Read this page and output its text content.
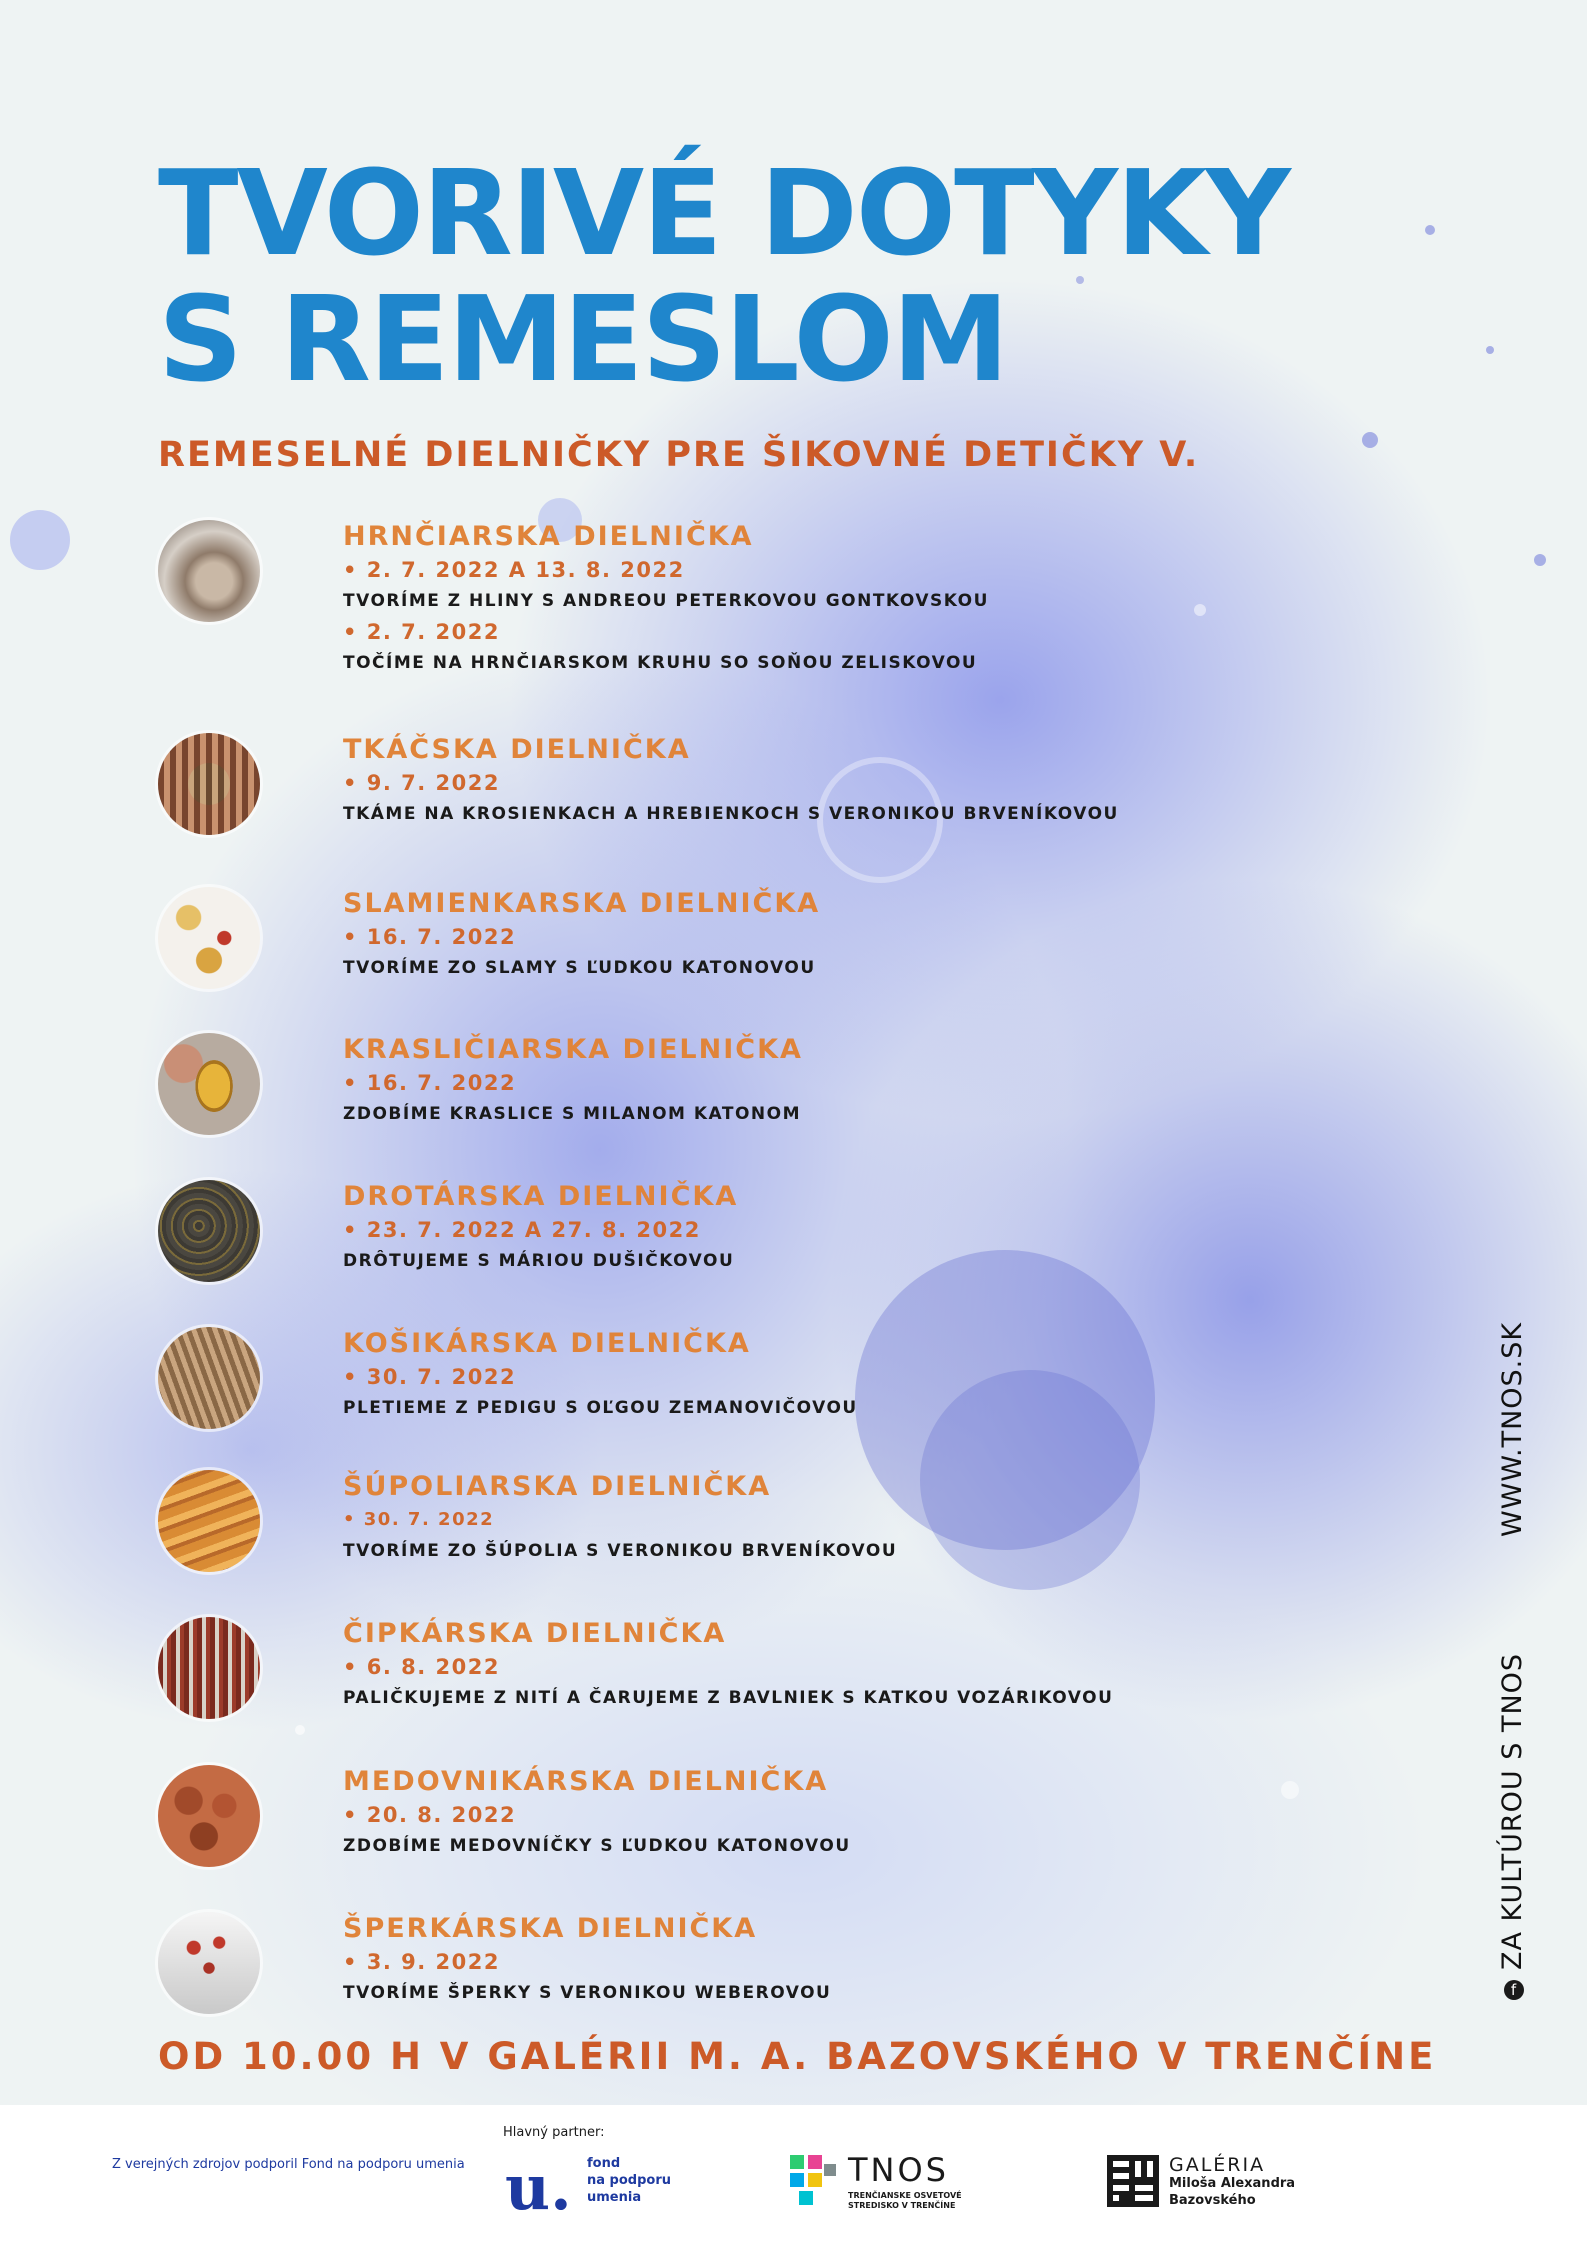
TVORIVÉ DOTYKY
S REMESLOM
REMESELNÉ DIELNIČKY PRE ŠIKOVNÉ DETIČKY V.
HRNČIARSKA DIELNIČKA
• 2. 7. 2022 A 13. 8. 2022
TVORÍME Z HLINY S ANDREOU PETERKOVOU GONTKOVSKOU
• 2. 7. 2022
TOČÍME NA HRNČIARSKOM KRUHU SO SOŇOU ZELISKOVOU
TKÁČSKA DIELNIČKA
• 9. 7. 2022
TKÁME NA KROSIENKACH A HREBIENKOCH S VERONIKOU BRVENÍKOVOU
SLAMIENKARSKA DIELNIČKA
• 16. 7. 2022
TVORÍME ZO SLAMY S ĽUDKOU KATONOVOU
KRASLIČIARSKA DIELNIČKA
• 16. 7. 2022
ZDOBÍME KRASLICE S MILANOM KATONOM
DROTÁRSKA DIELNIČKA
• 23. 7. 2022 A 27. 8. 2022
DRÔTUJEME S MÁRIOU DUŠIČKOVOU
KOŠIKÁRSKA DIELNIČKA
• 30. 7. 2022
PLETIEME Z PEDIGU S OĽGOU ZEMANOVIČOVOU
ŠÚPOLIARSKA DIELNIČKA
• 30. 7. 2022
TVORÍME ZO ŠÚPOLIA S VERONIKOU BRVENÍKOVOU
ČIPKÁRSKA DIELNIČKA
• 6. 8. 2022
PALIČKUJEME Z NITÍ A ČARUJEME Z BAVLNIEK S KATKOU VOZÁRIKOVOU
MEDOVNIKÁRSKA DIELNIČKA
• 20. 8. 2022
ZDOBÍME MEDOVNÍČKY S ĽUDKOU KATONOVOU
ŠPERKÁRSKA DIELNIČKA
• 3. 9. 2022
TVORÍME ŠPERKY S VERONIKOU WEBEROVOU
OD 10.00 H V GALÉRII M. A. BAZOVSKÉHO V TRENČÍNE
WWW.TNOS.SK
fZA KULTÚROU S TNOS
Z verejných zdrojov podporil Fond na podporu umenia
Hlavný partner:
u. fond
na podporu
umenia
TNOS
TRENČIANSKE OSVETOVÉ
STREDISKO V TRENČÍNE
GALÉRIA
Miloša Alexandra
Bazovského
